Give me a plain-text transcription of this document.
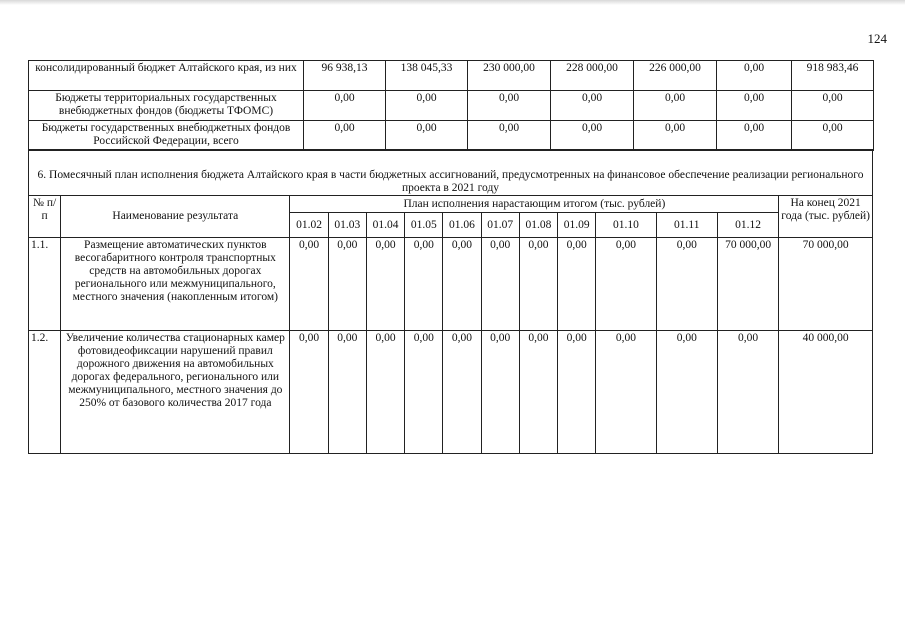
124
консолидированный бюджет Алтайского края, из них	96 938,13	138 045,33	230 000,00	228 000,00	226 000,00	0,00	918 983,46
Бюджеты территориальных государственных внебюджетных фондов (бюджеты ТФОМС)	0,00	0,00	0,00	0,00	0,00	0,00	0,00
Бюджеты государственных внебюджетных фондов Российской Федерации, всего	0,00	0,00	0,00	0,00	0,00	0,00	0,00
6. Помесячный план исполнения бюджета Алтайского края в части бюджетных ассигнований, предусмотренных на финансовое обеспечение реализации регионального проекта в 2021 году													
№ п/п	Наименование результата	План исполнения нарастающим итогом (тыс. рублей)											На конец 2021 года (тыс. рублей)
		01.02	01.03	01.04	01.05	01.06	01.07	01.08	01.09	01.10	01.11	01.12	
1.1.	Размещение автоматических пунктов весогабаритного контроля транспортных средств на автомобильных дорогах регионального или межмуниципального, местного значения (накопленным итогом)	0,00	0,00	0,00	0,00	0,00	0,00	0,00	0,00	0,00	0,00	70 000,00	70 000,00
1.2.	Увеличение количества стационарных камер фотовидеофиксации нарушений правил дорожного движения на автомобильных дорогах федерального, регионального или межмуниципального, местного значения до 250% от базового количества 2017 года	0,00	0,00	0,00	0,00	0,00	0,00	0,00	0,00	0,00	0,00	0,00	40 000,00
